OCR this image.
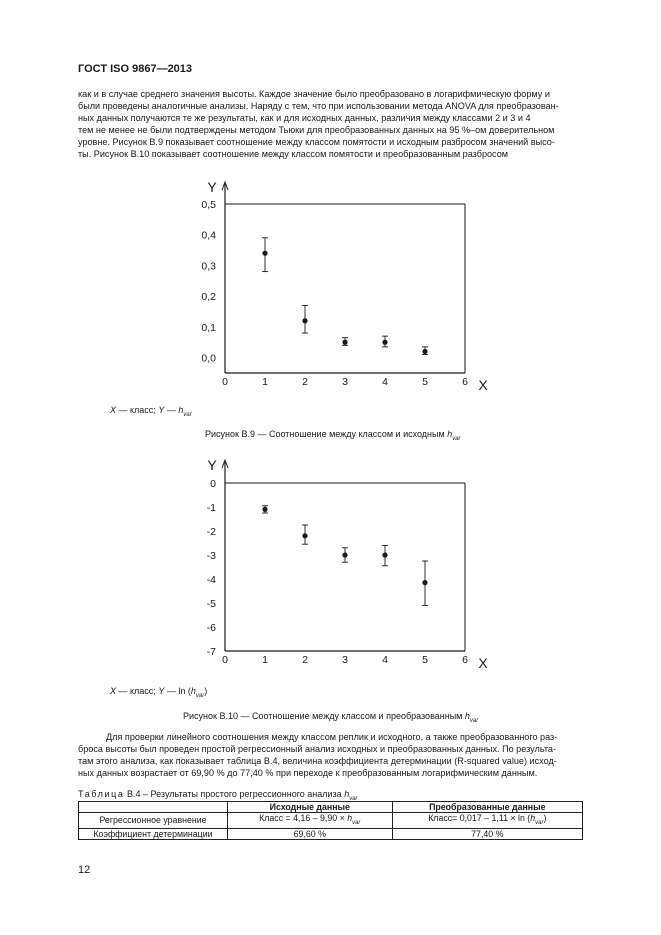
ГОСТ ISO 9867—2013
как и в случае среднего значения высоты. Каждое значение было преобразовано в логарифмическую форму и
были проведены аналогичные анализы. Наряду с тем, что при использовании метода ANOVA для преобразован-
ных данных получаются те же результаты, как и для исходных данных, различия между классами 2 и 3 и 4
тем не менее не были подтверждены методом Тьюки для преобразованных данных на 95 %–ом доверительном
уровне. Рисунок В.9 показывает соотношение между классом помятости и исходным разбросом значений высо-
ты. Рисунок В.10 показывает соотношение между классом помятости и преобразованным разбросом
Y
X
0,5
0,4
0,3
0,2
0,1
0,0
0	1	2	3	4	5	6
X — класс; Y — $h_{var}$
Рисунок В.9 — Соотношение между классом и исходным $h_{var}$
Y
X
0
-1
-2
-3
-4
-5
-6
-7
0	1	2	3	4	5	6
X — класс; Y — $\ln (h_{var})$
Рисунок В.10 — Соотношение между классом и преобразованным $h_{var}$
Для проверки линейного соотношения между классом реплик и исходного, а также преобразованного раз-
броса высоты был проведен простой регрессионный анализ исходных и преобразованных данных. По результа-
там этого анализа, как показывает таблица В.4, величина коэффициента детерминации (R-squared value) исход-
ных данных возрастает от 69,90 % до 77,40 % при переходе к преобразованным логарифмическим данным.
Таблица В.4 – Результаты простого регрессионного анализа $h_{var}$
	Исходные данные	Преобразованные данные
Регрессионное уравнение	Класс = $4,16 - 9,90 \times h_{var}$	Класс= $0,017 - 1,11 \times \ln (h_{var})$
Коэффициент детерминации	69,60 %	77,40 %
12
